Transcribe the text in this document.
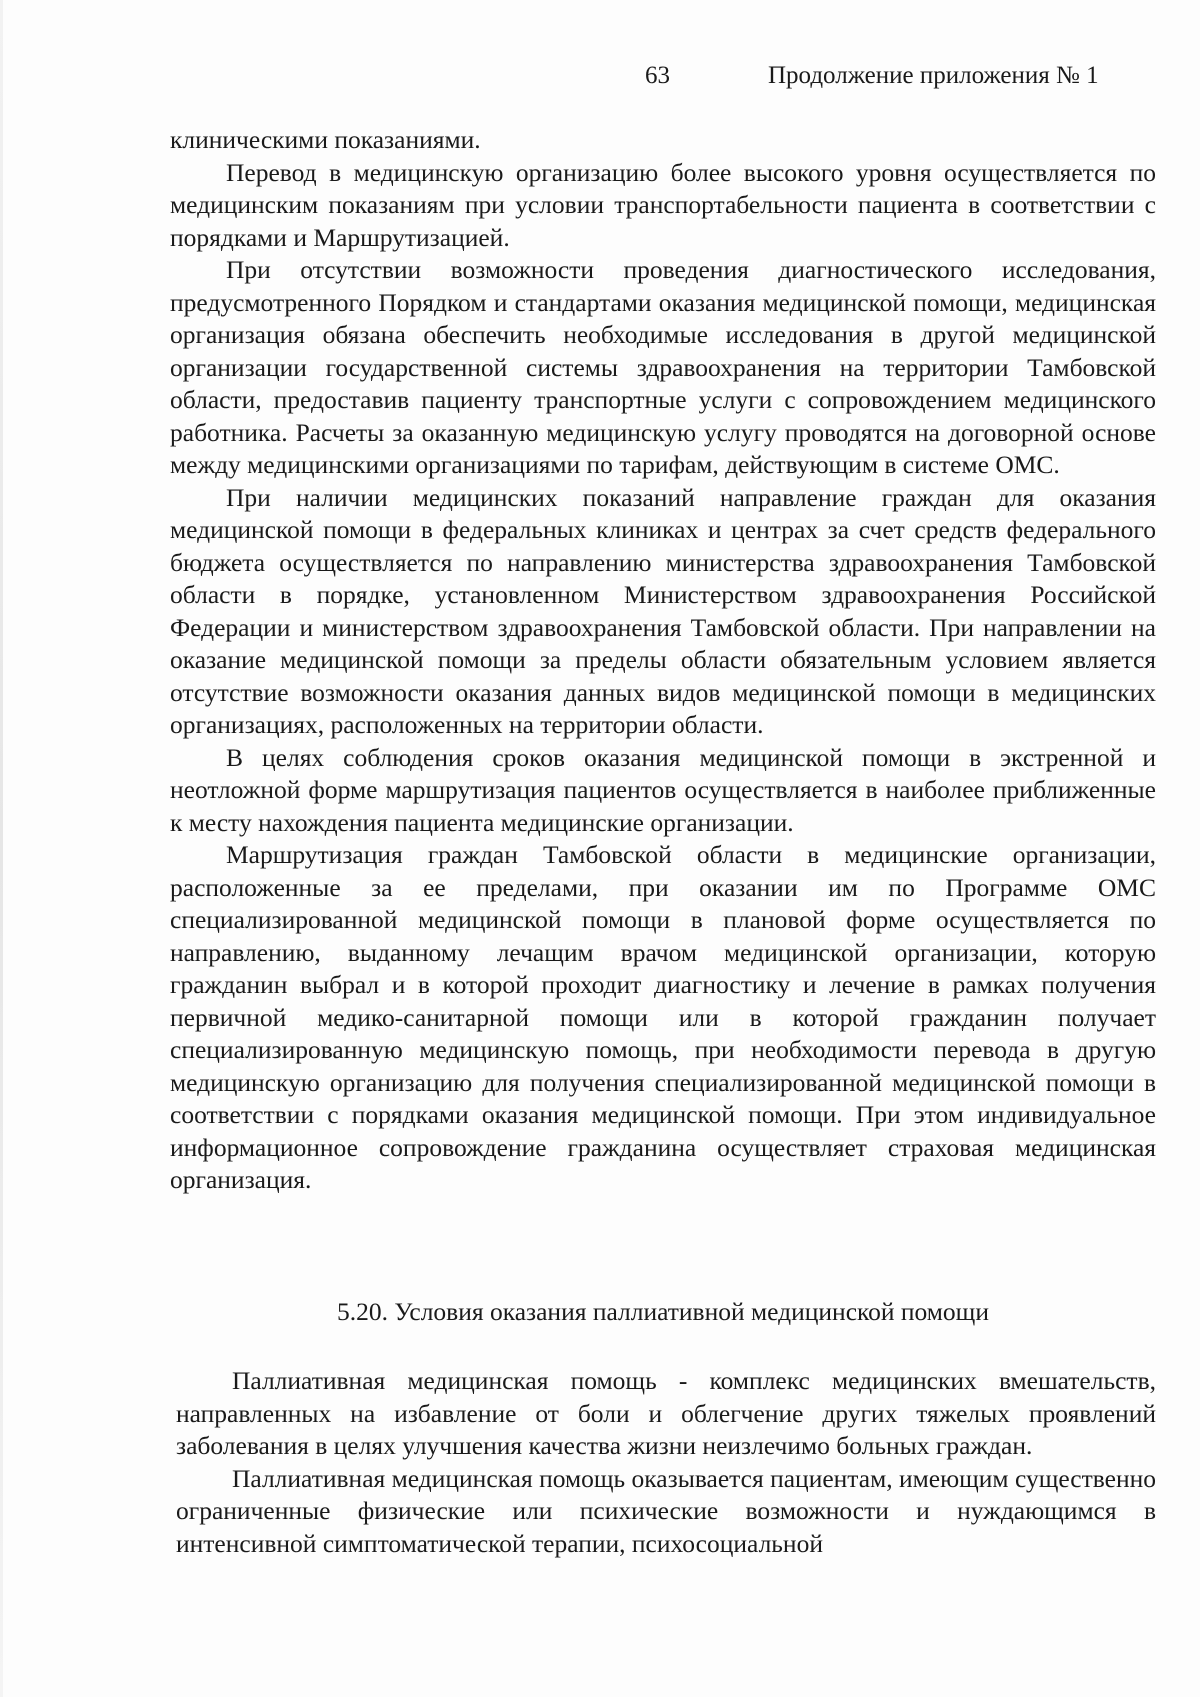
63	Продолжение приложения № 1

клиническими показаниями.

Перевод в медицинскую организацию более высокого уровня осуществляется по медицинским показаниям при условии транспортабельности пациента в соответствии с порядками и Маршрутизацией.

При отсутствии возможности проведения диагностического исследования, предусмотренного Порядком и стандартами оказания медицинской помощи, медицинская организация обязана обеспечить необходимые исследования в другой медицинской организации государственной системы здравоохранения на территории Тамбовской области, предоставив пациенту транспортные услуги с сопровождением медицинского работника. Расчеты за оказанную медицинскую услугу проводятся на договорной основе между медицинскими организациями по тарифам, действующим в системе ОМС.

При наличии медицинских показаний направление граждан для оказания медицинской помощи в федеральных клиниках и центрах за счет средств федерального бюджета осуществляется по направлению министерства здравоохранения Тамбовской области в порядке, установленном Министерством здравоохранения Российской Федерации и министерством здравоохранения Тамбовской области. При направлении на оказание медицинской помощи за пределы области обязательным условием является отсутствие возможности оказания данных видов медицинской помощи в медицинских организациях, расположенных на территории области.

В целях соблюдения сроков оказания медицинской помощи в экстренной и неотложной форме маршрутизация пациентов осуществляется в наиболее приближенные к месту нахождения пациента медицинские организации.

Маршрутизация граждан Тамбовской области в медицинские организации, расположенные за ее пределами, при оказании им по Программе ОМС специализированной медицинской помощи в плановой форме осуществляется по направлению, выданному лечащим врачом медицинской организации, которую гражданин выбрал и в которой проходит диагностику и лечение в рамках получения первичной медико-санитарной помощи или в которой гражданин получает специализированную медицинскую помощь, при необходимости перевода в другую медицинскую организацию для получения специализированной медицинской помощи в соответствии с порядками оказания медицинской помощи. При этом индивидуальное информационное сопровождение гражданина осуществляет страховая медицинская организация.

5.20. Условия оказания паллиативной медицинской помощи

Паллиативная медицинская помощь - комплекс медицинских вмешательств, направленных на избавление от боли и облегчение других тяжелых проявлений заболевания в целях улучшения качества жизни неизлечимо больных граждан.

Паллиативная медицинская помощь оказывается пациентам, имеющим существенно ограниченные физические или психические возможности и нуждающимся в интенсивной симптоматической терапии, психосоциальной
